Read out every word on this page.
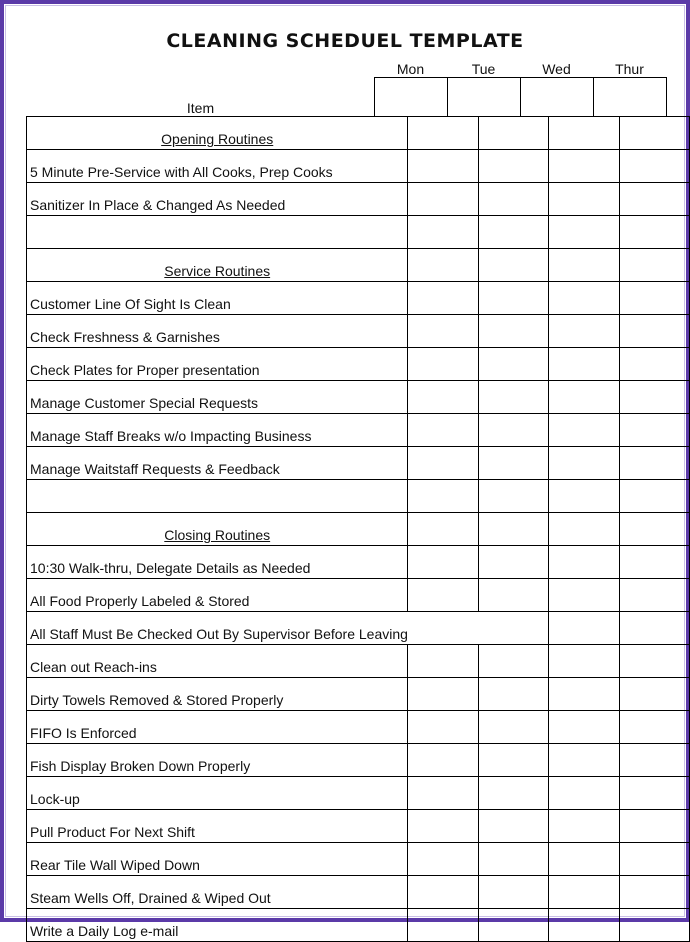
CLEANING SCHEDUEL TEMPLATE
Mon	Tue	Wed	Thur

Item
Opening Routines				
5 Minute Pre-Service with All Cooks, Prep Cooks				
Sanitizer In Place & Changed As Needed				

Service Routines				
Customer Line Of Sight Is Clean				
Check Freshness & Garnishes				
Check Plates for Proper presentation				
Manage Customer Special Requests				
Manage Staff Breaks w/o Impacting Business				
Manage Waitstaff Requests & Feedback				

Closing Routines				
10:30 Walk-thru, Delegate Details as Needed				
All Food Properly Labeled & Stored				
All Staff Must Be Checked Out By Supervisor Before Leaving				
Clean out Reach-ins				
Dirty Towels Removed & Stored Properly				
FIFO Is Enforced				
Fish Display Broken Down Properly				
Lock-up				
Pull Product For Next Shift				
Rear Tile Wall Wiped Down				
Steam Wells Off, Drained & Wiped Out				
Write a Daily Log e-mail				
